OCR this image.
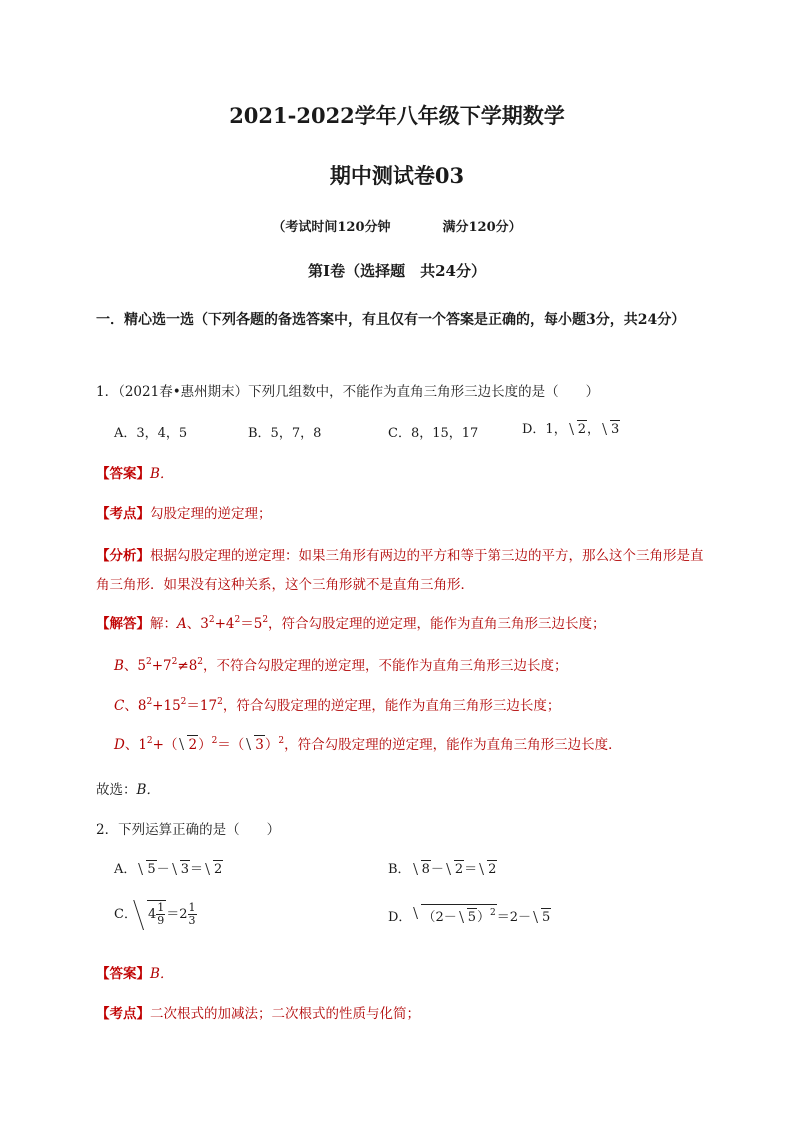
2021-2022学年八年级下学期数学
期中测试卷03
（考试时间120分钟	满分120分）
第Ⅰ卷（选择题　共24分）
一．精心选一选（下列各题的备选答案中，有且仅有一个答案是正确的，每小题3分，共24分）
1．（2021春•惠州期末）下列几组数中，不能作为直角三角形三边长度的是（　　）
A．3，4，5	B．5，7，8	C．8，15，17	D．1， 2， 3
【答案】B．
【考点】勾股定理的逆定理；
【分析】根据勾股定理的逆定理：如果三角形有两边的平方和等于第三边的平方，那么这个三角形是直角三角形．如果没有这种关系，这个三角形就不是直角三角形．
【解答】解：A、$3^2+4^2=5^2$，符合勾股定理的逆定理，能作为直角三角形三边长度；
B、$5^2+7^2\ne 8^2$，不符合勾股定理的逆定理，不能作为直角三角形三边长度；
C、$8^2+15^2=17^2$，符合勾股定理的逆定理，能作为直角三角形三边长度；
D、$1^2+$（ 2）$^2$＝（ 3）$^2$，符合勾股定理的逆定理，能作为直角三角形三边长度．
故选：B．
2．下列运算正确的是（　　）
A． 5－ 3＝ 2	B． 8－ 2＝ 2
C． $4 \frac{1}{9} =2 \frac{1}{3}$	D． $(2- 5)^2=2- 5$
【答案】B．
【考点】二次根式的加减法；二次根式的性质与化简；
